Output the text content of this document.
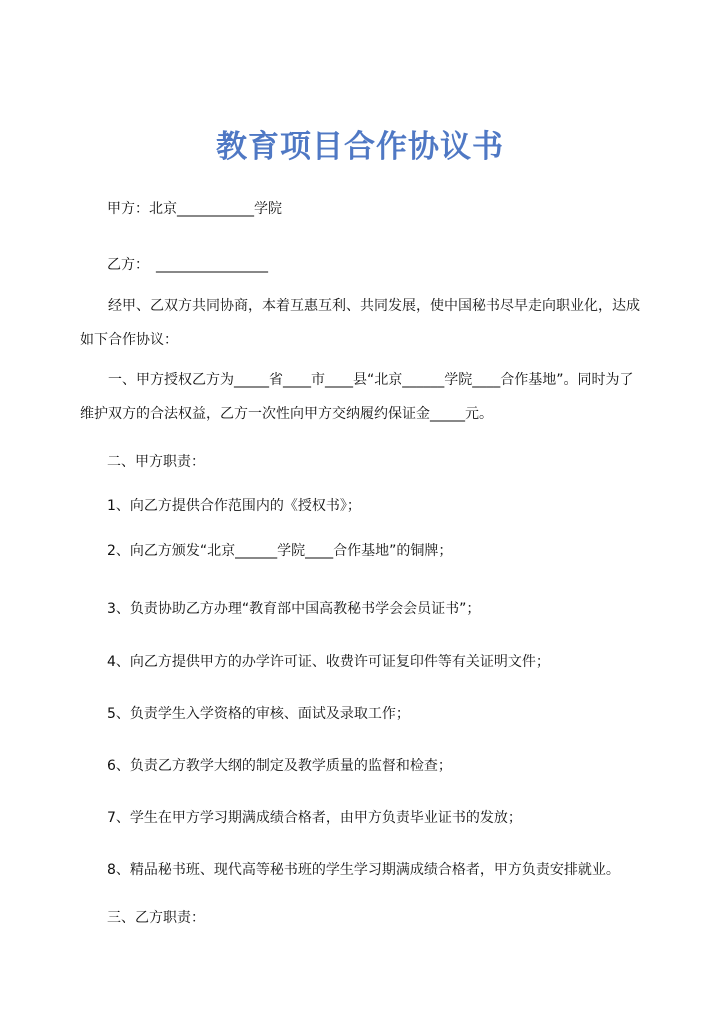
教育项目合作协议书
甲方：北京___________学院
乙方：　________________
　　经甲、乙双方共同协商，本着互惠互利、共同发展，使中国秘书尽早走向职业化，达成如下合作协议：
　　一、甲方授权乙方为_____省____市____县“北京______学院____合作基地”。同时为了维护双方的合法权益，乙方一次性向甲方交纳履约保证金_____元。
二、甲方职责：
1、向乙方提供合作范围内的《授权书》；
2、向乙方颁发“北京______学院____合作基地”的铜牌；
3、负责协助乙方办理“教育部中国高教秘书学会会员证书”；
4、向乙方提供甲方的办学许可证、收费许可证复印件等有关证明文件；
5、负责学生入学资格的审核、面试及录取工作；
6、负责乙方教学大纲的制定及教学质量的监督和检查；
7、学生在甲方学习期满成绩合格者，由甲方负责毕业证书的发放；
8、精品秘书班、现代高等秘书班的学生学习期满成绩合格者，甲方负责安排就业。
三、乙方职责：
